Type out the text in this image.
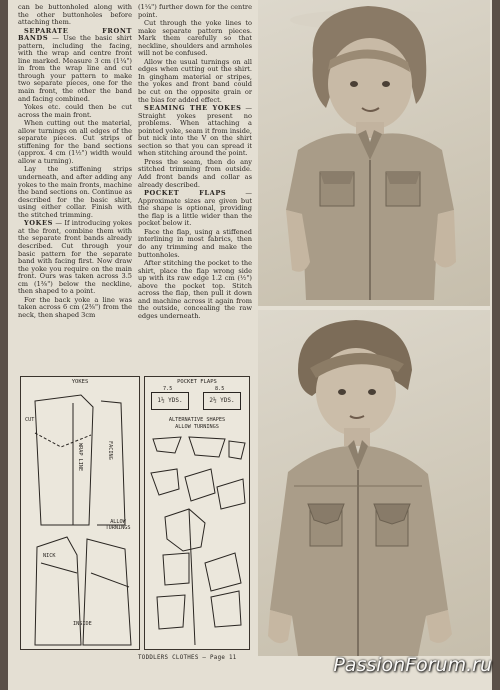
can be buttonholed along with the other buttonholes before attaching them.

SEPARATE FRONT BANDS — Use the basic shirt pattern, including the facing, with the wrap and centre front line marked. Measure 3 cm (1¼") in from the wrap line and cut through your pattern to make two separate pieces, one for the main front, the other the band and facing combined.

Yokes etc. could then be cut across the main front.

When cutting out the material, allow turnings on all edges of the separate pieces. Cut strips of stiffening for the band sections (approx. 4 cm (1½") width would allow a turning).

Lay the stiffening strips underneath, and after adding any yokes to the main fronts, machine the band sections on. Continue as described for the basic shirt, using either collar. Finish with the stitched trimming.

YOKES — If introducing yokes at the front, combine them with the separate front bands already described. Cut through your basic pattern for the separate band with facing first. Now draw the yoke you require on the main front. Ours was taken across 3.5 cm (1⅜") below the neckline, then shaped to a point.

For the back yoke a line was taken across 6 cm (2⅜") from the neck, then shaped 3cm

(1¼") further down for the centre point.

Cut through the yoke lines to make separate pattern pieces. Mark them carefully so that neckline, shoulders and armholes will not be confused.

Allow the usual turnings on all edges when cutting out the shirt. In gingham material or stripes, the yokes and front band could be cut on the opposite grain or the bias for added effect.

SEAMING THE YOKES — Straight yokes present no problems. When attaching a pointed yoke, seam it from inside, but nick into the V on the shirt section so that you can spread it when stitching around the point.

Press the seam, then do any stitched trimming from outside. Add front bands and collar as already described.

POCKET FLAPS — Approximate sizes are given but the shape is optional, providing the flap is a little wider than the pocket below it.

Face the flap, using a stiffened interlining in most fabrics, then do any trimming and make the buttonholes.

After stitching the pocket to the shirt, place the flap wrong side up with its raw edge 1.2 cm (½") above the pocket top. Stitch across the flap, then pull it down and machine across it again from the outside, concealing the raw edges underneath.

YOKES
CUT
WRAP LINE	FACING
ALLOW TURNINGS
NICK
INSIDE
POCKET FLAPS
7.5	8.5
1½ YDS.	2½ YDS.
ALTERNATIVE SHAPES
ALLOW TURNINGS
TODDLERS CLOTHES – Page 11	PassionForum.ru
